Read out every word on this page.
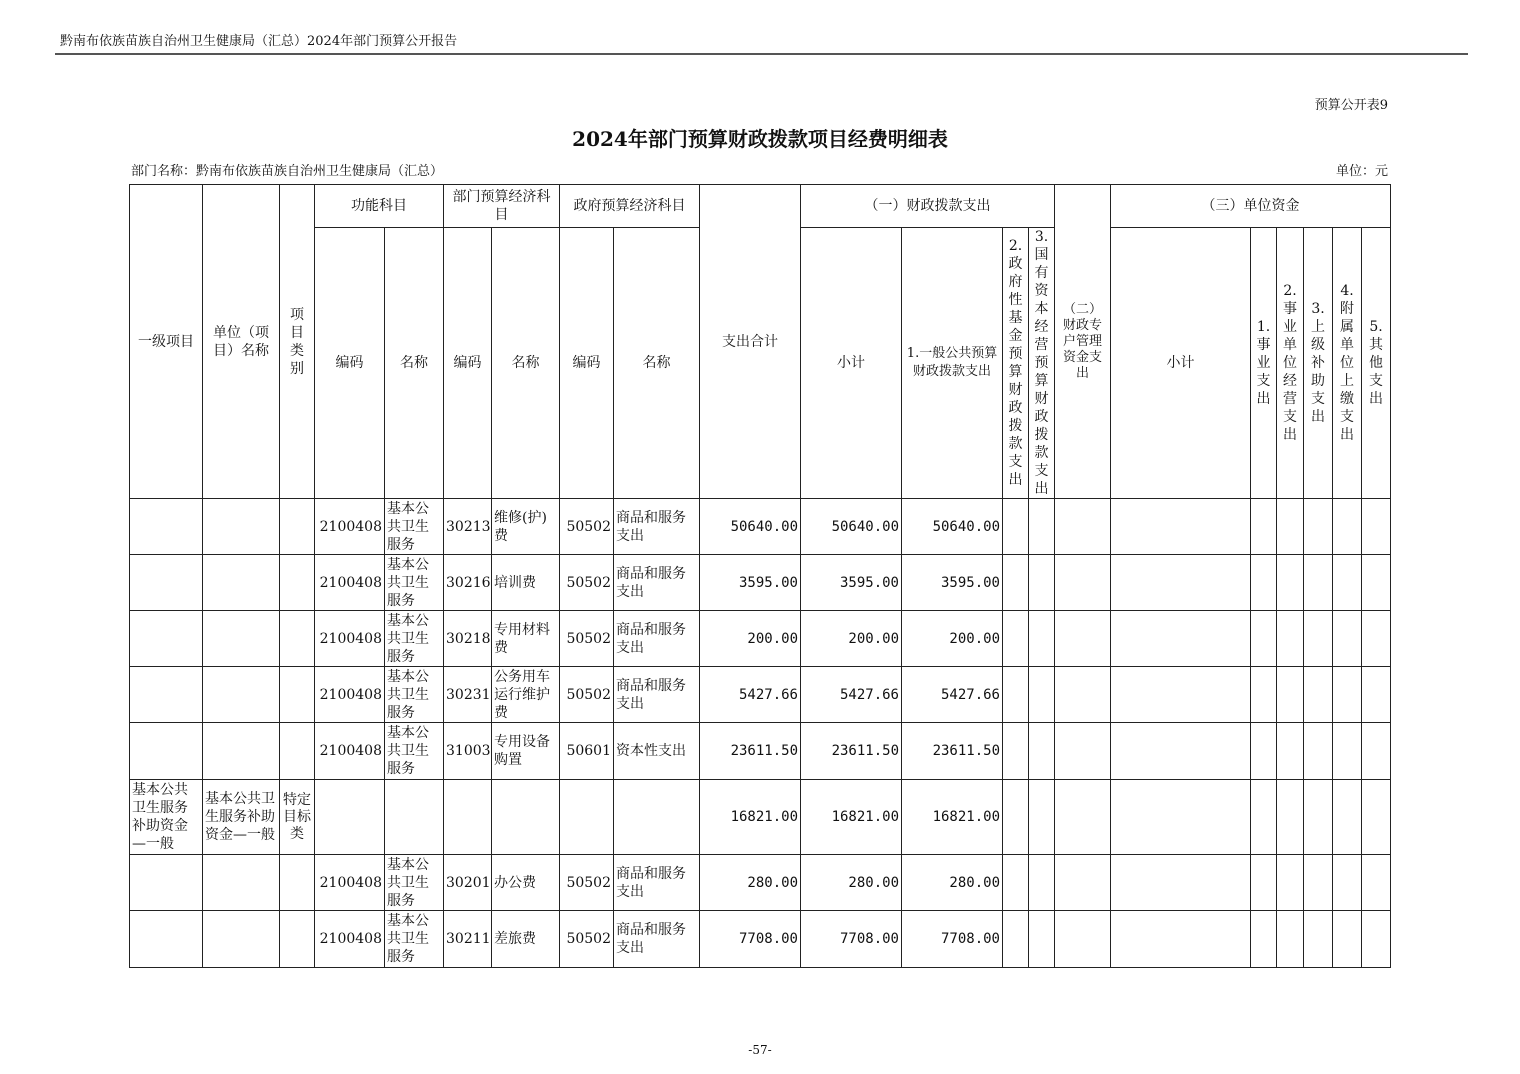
黔南布依族苗族自治州卫生健康局（汇总）2024年部门预算公开报告
预算公开表9
2024年部门预算财政拨款项目经费明细表
部门名称：黔南布依族苗族自治州卫生健康局（汇总）	单位：元
一级项目	单位（项目）名称	项目类别	功能科目		部门预算经济科目		政府预算经济科目		支出合计	（一）财政拨款支出				（二）财政专户管理资金支出	（三）单位资金					
			编码	名称	编码	名称	编码	名称		小计	1.一般公共预算财政拨款支出	2.政府性基金预算财政拨款支出	3.国有资本经营预算财政拨款支出		小计	1.事业支出	2.事业单位经营支出	3.上级补助支出	4.附属单位上缴支出	5.其他支出
			2100408	基本公共卫生服务	30213	维修(护)费	50502	商品和服务支出	50640.00	50640.00	50640.00									
			2100408	基本公共卫生服务	30216	培训费	50502	商品和服务支出	3595.00	3595.00	3595.00									
			2100408	基本公共卫生服务	30218	专用材料费	50502	商品和服务支出	200.00	200.00	200.00									
			2100408	基本公共卫生服务	30231	公务用车运行维护费	50502	商品和服务支出	5427.66	5427.66	5427.66									
			2100408	基本公共卫生服务	31003	专用设备购置	50601	资本性支出	23611.50	23611.50	23611.50									
基本公共卫生服务补助资金—一般	基本公共卫生服务补助资金—一般	特定目标类							16821.00	16821.00	16821.00									
			2100408	基本公共卫生服务	30201	办公费	50502	商品和服务支出	280.00	280.00	280.00									
			2100408	基本公共卫生服务	30211	差旅费	50502	商品和服务支出	7708.00	7708.00	7708.00									
-57-
